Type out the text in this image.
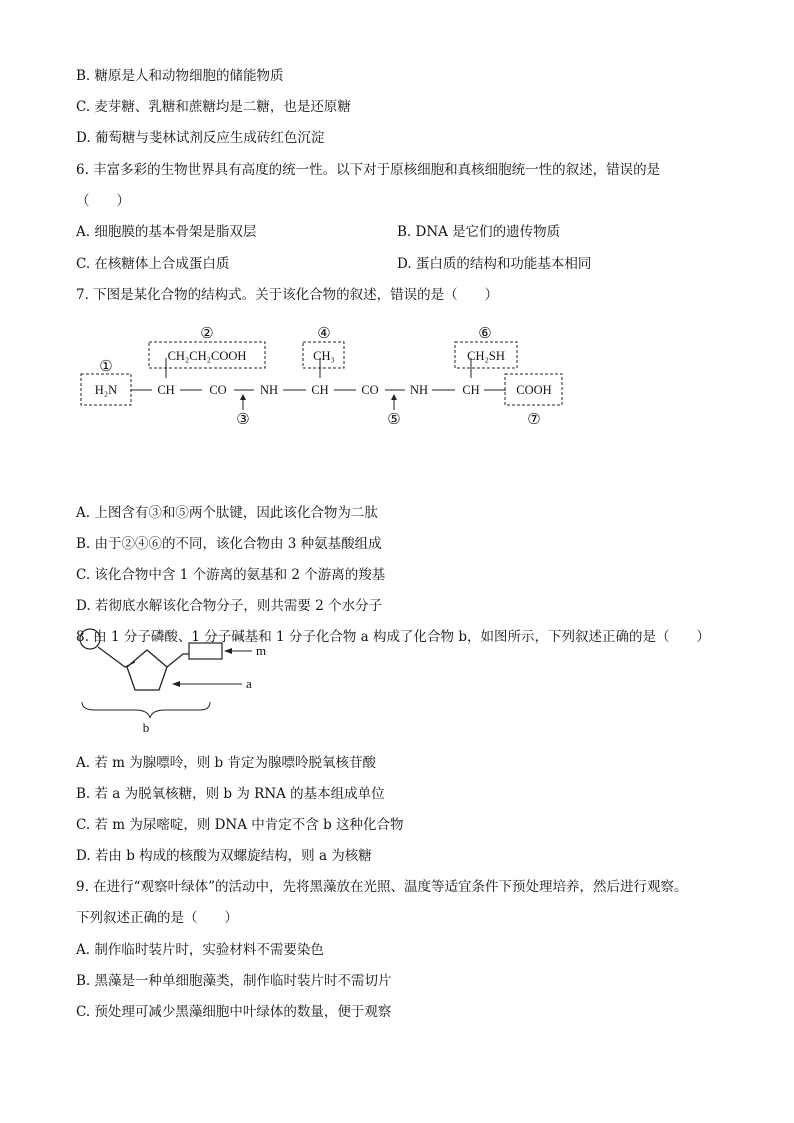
B. 糖原是人和动物细胞的储能物质
C. 麦芽糖、乳糖和蔗糖均是二糖，也是还原糖
D. 葡萄糖与斐林试剂反应生成砖红色沉淀
6. 丰富多彩的生物世界具有高度的统一性。以下对于原核细胞和真核细胞统一性的叙述，错误的是
（　　）
A. 细胞膜的基本骨架是脂双层	B. DNA 是它们的遗传物质
C. 在核糖体上合成蛋白质	D. 蛋白质的结构和功能基本相同
7. 下图是某化合物的结构式。关于该化合物的叙述，错误的是（　　）
①
②
③
④
⑤
⑥
⑦
H₂N	CH	CO	NH	CH	CO	NH	CH	COOH
CH₂CH₂COOH	CH₃	CH₂SH
A. 上图含有③和⑤两个肽键，因此该化合物为二肽
B. 由于②④⑥的不同，该化合物由 3 种氨基酸组成
C. 该化合物中含 1 个游离的氨基和 2 个游离的羧基
D. 若彻底水解该化合物分子，则共需要 2 个水分子
8. 由 1 分子磷酸、1 分子碱基和 1 分子化合物 a 构成了化合物 b，如图所示，下列叙述正确的是（　　）
m
a
b
A. 若 m 为腺嘌呤，则 b 肯定为腺嘌呤脱氧核苷酸
B. 若 a 为脱氧核糖，则 b 为 RNA 的基本组成单位
C. 若 m 为尿嘧啶，则 DNA 中肯定不含 b 这种化合物
D. 若由 b 构成的核酸为双螺旋结构，则 a 为核糖
9. 在进行“观察叶绿体”的活动中，先将黑藻放在光照、温度等适宜条件下预处理培养，然后进行观察。
下列叙述正确的是（　　）
A. 制作临时装片时，实验材料不需要染色
B. 黑藻是一种单细胞藻类，制作临时装片时不需切片
C. 预处理可减少黑藻细胞中叶绿体的数量，便于观察
